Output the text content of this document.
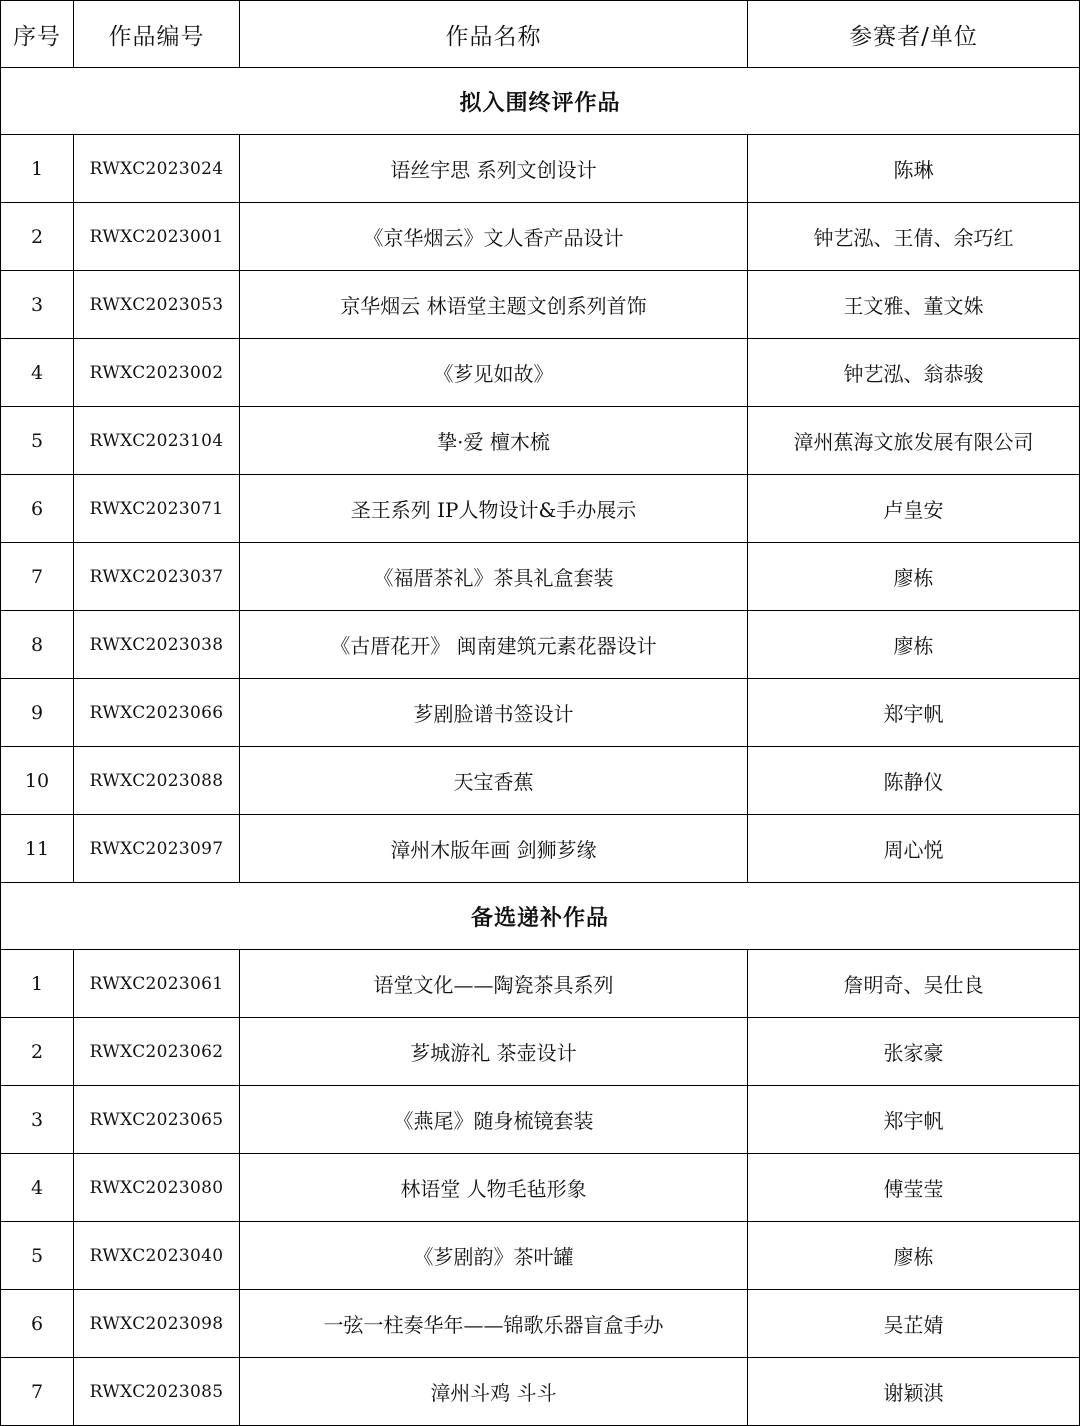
序号	作品编号	作品名称	参赛者/单位
拟入围终评作品			
1	RWXC2023024	语丝宇思 系列文创设计	陈琳
2	RWXC2023001	《京华烟云》文人香产品设计	钟艺泓、王倩、余巧红
3	RWXC2023053	京华烟云 林语堂主题文创系列首饰	王文雅、董文姝
4	RWXC2023002	《芗见如故》	钟艺泓、翁恭骏
5	RWXC2023104	挚·爱 檀木梳	漳州蕉海文旅发展有限公司
6	RWXC2023071	圣王系列 IP人物设计&手办展示	卢皇安
7	RWXC2023037	《福厝茶礼》茶具礼盒套装	廖栋
8	RWXC2023038	《古厝花开》 闽南建筑元素花器设计	廖栋
9	RWXC2023066	芗剧脸谱书签设计	郑宇帆
10	RWXC2023088	天宝香蕉	陈静仪
11	RWXC2023097	漳州木版年画 剑狮芗缘	周心悦
备选递补作品			
1	RWXC2023061	语堂文化——陶瓷茶具系列	詹明奇、吴仕良
2	RWXC2023062	芗城游礼 茶壶设计	张家豪
3	RWXC2023065	《燕尾》随身梳镜套装	郑宇帆
4	RWXC2023080	林语堂 人物毛毡形象	傅莹莹
5	RWXC2023040	《芗剧韵》茶叶罐	廖栋
6	RWXC2023098	一弦一柱奏华年——锦歌乐器盲盒手办	吴芷婧
7	RWXC2023085	漳州斗鸡 斗斗	谢颖淇
